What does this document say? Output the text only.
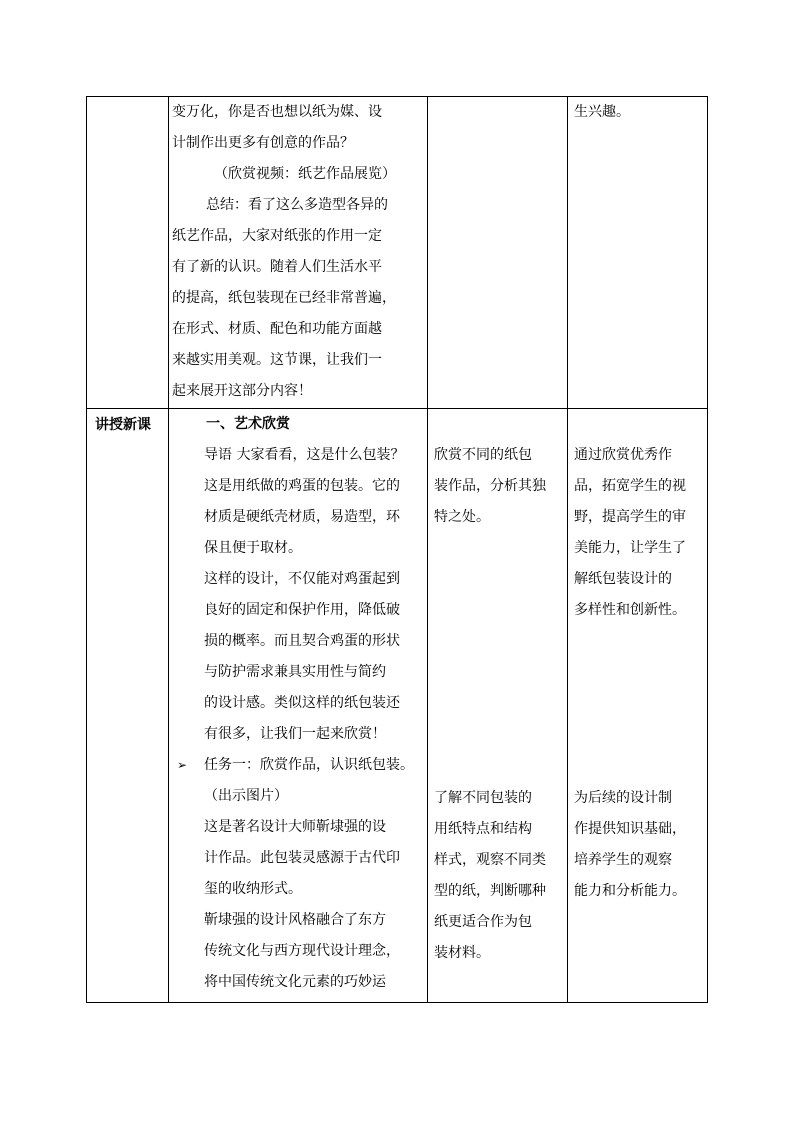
变万化，你是否也想以纸为媒、设
计制作出更多有创意的作品？
（欣赏视频：纸艺作品展览）
总结：看了这么多造型各异的
纸艺作品，大家对纸张的作用一定
有了新的认识。随着人们生活水平
的提高，纸包装现在已经非常普遍，
在形式、材质、配色和功能方面越
来越实用美观。这节课，让我们一
起来展开这部分内容！
生兴趣。
讲授新课	一、艺术欣赏
导语 大家看看，这是什么包装？
这是用纸做的鸡蛋的包装。它的
材质是硬纸壳材质，易造型，环
保且便于取材。
这样的设计，不仅能对鸡蛋起到
良好的固定和保护作用，降低破
损的概率。而且契合鸡蛋的形状
与防护需求兼具实用性与简约
的设计感。类似这样的纸包装还
有很多，让我们一起来欣赏！
任务一：欣赏作品，认识纸包装。
（出示图片）
这是著名设计大师靳埭强的设
计作品。此包装灵感源于古代印
玺的收纳形式。
靳埭强的设计风格融合了东方
传统文化与西方现代设计理念，
将中国传统文化元素的巧妙运
➢
欣赏不同的纸包
装作品，分析其独
特之处。
了解不同包装的
用纸特点和结构
样式，观察不同类
型的纸，判断哪种
纸更适合作为包
装材料。
通过欣赏优秀作
品，拓宽学生的视
野，提高学生的审
美能力，让学生了
解纸包装设计的
多样性和创新性。
为后续的设计制
作提供知识基础，
培养学生的观察
能力和分析能力。
